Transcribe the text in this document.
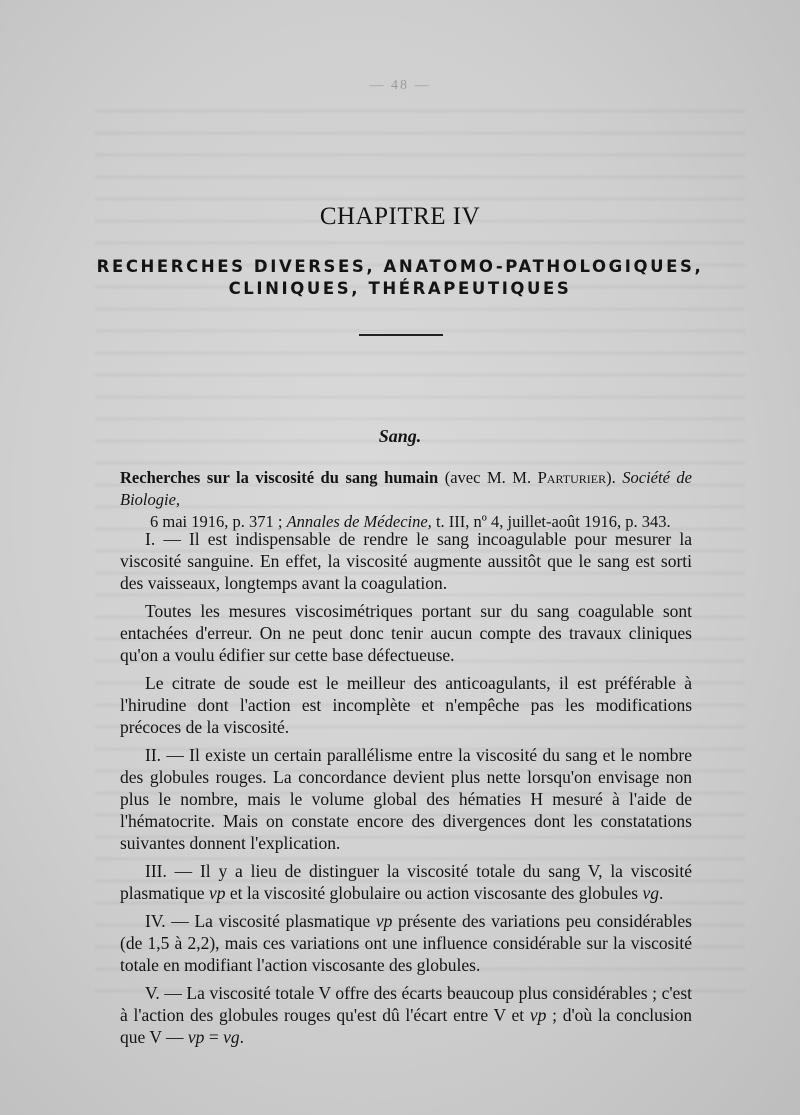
— 48 —
CHAPITRE IV
RECHERCHES DIVERSES, ANATOMO-PATHOLOGIQUES,
CLINIQUES, THÉRAPEUTIQUES
Sang.
Recherches sur la viscosité du sang humain (avec M. M. Parturier). Société de Biologie,
6 mai 1916, p. 371 ; Annales de Médecine, t. III, nº 4, juillet-août 1916, p. 343.

I. — Il est indispensable de rendre le sang incoagulable pour mesurer la viscosité sanguine. En effet, la viscosité augmente aussitôt que le sang est sorti des vaisseaux, longtemps avant la coagulation.

Toutes les mesures viscosimétriques portant sur du sang coagulable sont entachées d'erreur. On ne peut donc tenir aucun compte des travaux cliniques qu'on a voulu édifier sur cette base défectueuse.

Le citrate de soude est le meilleur des anticoagulants, il est préférable à l'hirudine dont l'action est incomplète et n'empêche pas les modifications précoces de la viscosité.

II. — Il existe un certain parallélisme entre la viscosité du sang et le nombre des globules rouges. La concordance devient plus nette lorsqu'on envisage non plus le nombre, mais le volume global des hématies H mesuré à l'aide de l'hématocrite. Mais on constate encore des divergences dont les constatations suivantes donnent l'explication.

III. — Il y a lieu de distinguer la viscosité totale du sang V, la viscosité plasmatique vp et la viscosité globulaire ou action viscosante des globules vg.

IV. — La viscosité plasmatique vp présente des variations peu considérables (de 1,5 à 2,2), mais ces variations ont une influence considérable sur la viscosité totale en modifiant l'action viscosante des globules.

V. — La viscosité totale V offre des écarts beaucoup plus considérables ; c'est à l'action des globules rouges qu'est dû l'écart entre V et vp ; d'où la conclusion que V — vp = vg.
